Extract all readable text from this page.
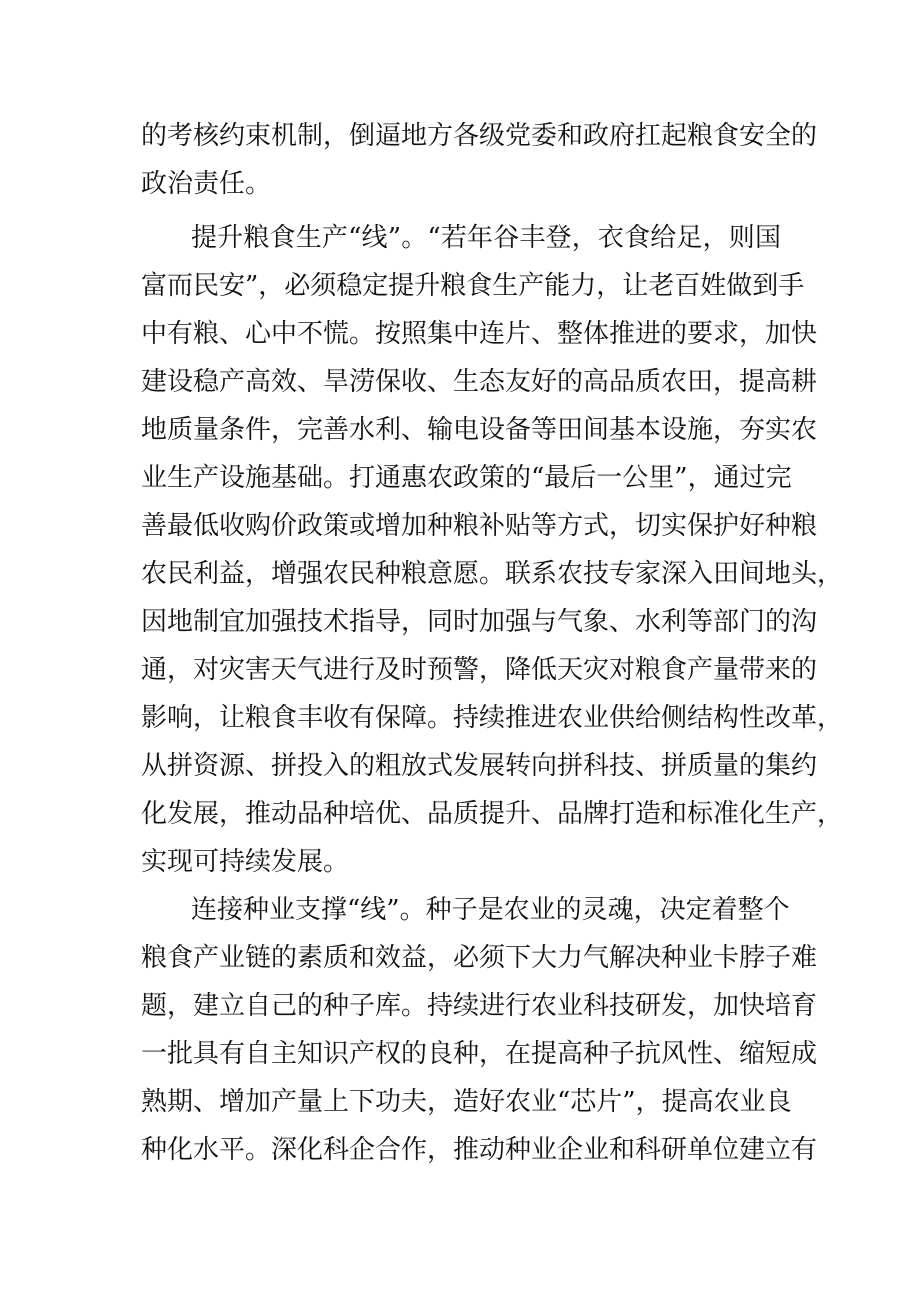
的考核约束机制，倒逼地方各级党委和政府扛起粮食安全的
政治责任。
提升粮食生产“线”。“若年谷丰登，衣食给足，则国
富而民安”，必须稳定提升粮食生产能力，让老百姓做到手
中有粮、心中不慌。按照集中连片、整体推进的要求，加快
建设稳产高效、旱涝保收、生态友好的高品质农田，提高耕
地质量条件，完善水利、输电设备等田间基本设施，夯实农
业生产设施基础。打通惠农政策的“最后一公里”，通过完
善最低收购价政策或增加种粮补贴等方式，切实保护好种粮
农民利益，增强农民种粮意愿。联系农技专家深入田间地头，
因地制宜加强技术指导，同时加强与气象、水利等部门的沟
通，对灾害天气进行及时预警，降低天灾对粮食产量带来的
影响，让粮食丰收有保障。持续推进农业供给侧结构性改革，
从拼资源、拼投入的粗放式发展转向拼科技、拼质量的集约
化发展，推动品种培优、品质提升、品牌打造和标准化生产，
实现可持续发展。
连接种业支撑“线”。种子是农业的灵魂，决定着整个
粮食产业链的素质和效益，必须下大力气解决种业卡脖子难
题，建立自己的种子库。持续进行农业科技研发，加快培育
一批具有自主知识产权的良种，在提高种子抗风性、缩短成
熟期、增加产量上下功夫，造好农业“芯片”，提高农业良
种化水平。深化科企合作，推动种业企业和科研单位建立有
